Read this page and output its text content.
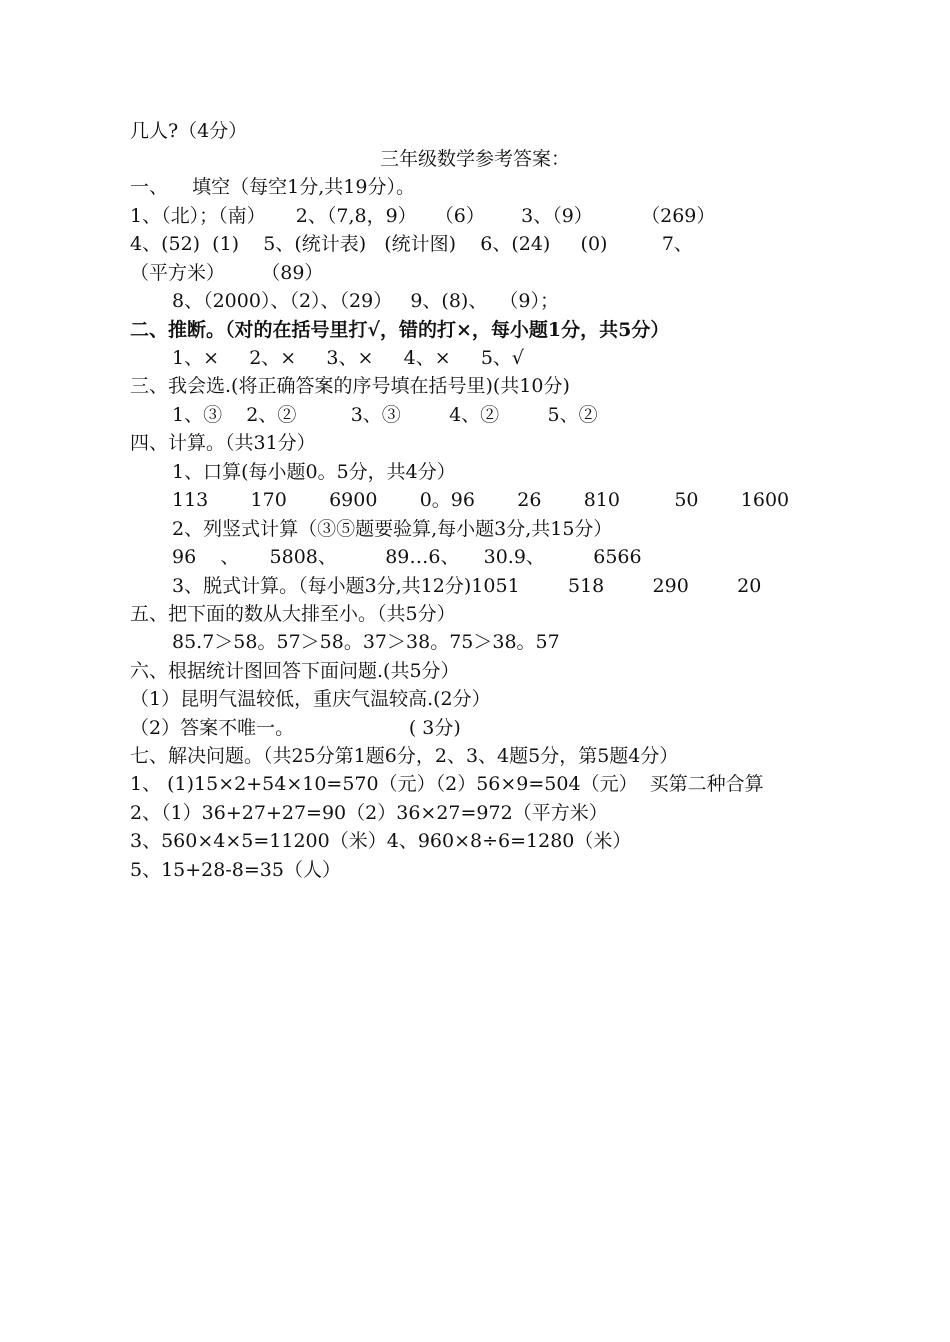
几人?（4分）
三年级数学参考答案：
一、    填空（每空1分,共19分）。
1、（北）；（南）     2、（7,8，9）   （6）      3、（9）        （269）
4、(52)  (1)    5、(统计表)   (统计图)    6、(24)     (0)         7、
（平方米）      （89）
8、（2000）、（2）、（29）   9、(8)、  （9）；
二、推断。（对的在括号里打√，错的打×，每小题1分，共5分）
1、×     2、×     3、×     4、×     5、√
三、我会选.(将正确答案的序号填在括号里)(共10分)
1、③    2、②         3、③        4、②        5、②
四、计算。（共31分）
1、口算(每小题0。5分，共4分）
113       170       6900       0。96       26       810         50       1600
2、列竖式计算（③⑤题要验算,每小题3分,共15分）
96    、     5808、        89…6、    30.9、        6566
3、脱式计算。（每小题3分,共12分)1051        518        290        20
五、把下面的数从大排至小。（共5分）
85.7＞58。57＞58。37＞38。75＞38。57
六、根据统计图回答下面问题.(共5分）
（1）昆明气温较低，重庆气温较高.(2分）
（2）答案不唯一。                   ( 3分)
七、解决问题。（共25分第1题6分，2、3、4题5分，第5题4分）
1、 (1)15×2+54×10=570（元）（2）56×9=504（元）  买第二种合算
2、（1）36+27+27=90（2）36×27=972（平方米）
3、560×4×5=11200（米）4、960×8÷6=1280（米）
5、15+28-8=35（人）
